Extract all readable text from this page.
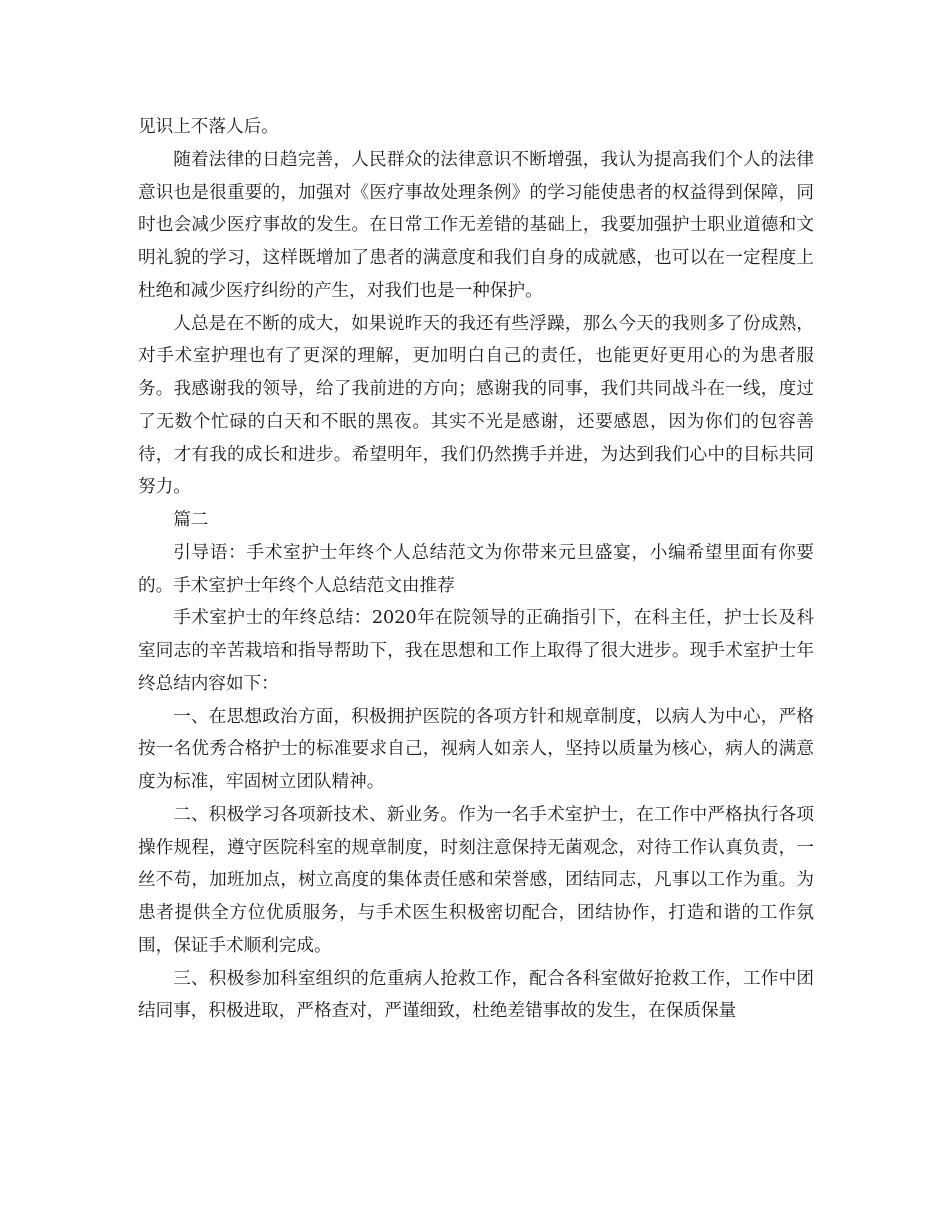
见识上不落人后。

随着法律的日趋完善，人民群众的法律意识不断增强，我认为提高我们个人的法律意识也是很重要的，加强对《医疗事故处理条例》的学习能使患者的权益得到保障，同时也会减少医疗事故的发生。在日常工作无差错的基础上，我要加强护士职业道德和文明礼貌的学习，这样既增加了患者的满意度和我们自身的成就感，也可以在一定程度上杜绝和减少医疗纠纷的产生，对我们也是一种保护。

人总是在不断的成大，如果说昨天的我还有些浮躁，那么今天的我则多了份成熟，对手术室护理也有了更深的理解，更加明白自己的责任，也能更好更用心的为患者服务。我感谢我的领导，给了我前进的方向；感谢我的同事，我们共同战斗在一线，度过了无数个忙碌的白天和不眠的黑夜。其实不光是感谢，还要感恩，因为你们的包容善待，才有我的成长和进步。希望明年，我们仍然携手并进，为达到我们心中的目标共同努力。

篇二

引导语：手术室护士年终个人总结范文为你带来元旦盛宴，小编希望里面有你要的。手术室护士年终个人总结范文由推荐

手术室护士的年终总结：2020年在院领导的正确指引下，在科主任，护士长及科室同志的辛苦栽培和指导帮助下，我在思想和工作上取得了很大进步。现手术室护士年终总结内容如下：

一、在思想政治方面，积极拥护医院的各项方针和规章制度，以病人为中心，严格按一名优秀合格护士的标准要求自己，视病人如亲人，坚持以质量为核心，病人的满意度为标准，牢固树立团队精神。

二、积极学习各项新技术、新业务。作为一名手术室护士，在工作中严格执行各项操作规程，遵守医院科室的规章制度，时刻注意保持无菌观念，对待工作认真负责，一丝不苟，加班加点，树立高度的集体责任感和荣誉感，团结同志，凡事以工作为重。为患者提供全方位优质服务，与手术医生积极密切配合，团结协作，打造和谐的工作氛围，保证手术顺利完成。

三、积极参加科室组织的危重病人抢救工作，配合各科室做好抢救工作，工作中团结同事，积极进取，严格查对，严谨细致，杜绝差错事故的发生，在保质保量
